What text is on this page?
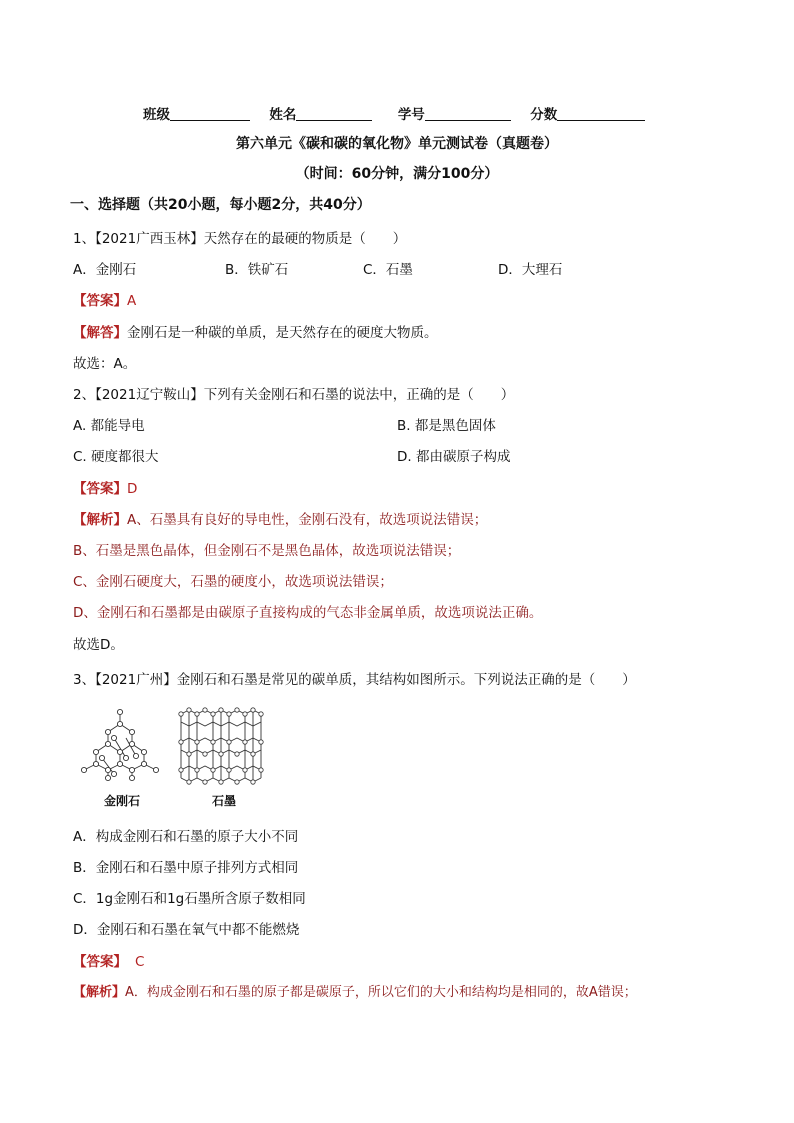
班级	姓名	学号	分数
第六单元《碳和碳的氧化物》单元测试卷（真题卷）
（时间：60分钟，满分100分）
一、选择题（共20小题，每小题2分，共40分）
1、【2021广西玉林】天然存在的最硬的物质是（　　）
A．金刚石	B．铁矿石	C．石墨	D．大理石
【答案】A
【解答】金刚石是一种碳的单质，是天然存在的硬度大物质。
故选：A。
2、【2021辽宁鞍山】下列有关金刚石和石墨的说法中，正确的是（　　）
A. 都能导电	B. 都是黑色固体
C. 硬度都很大	D. 都由碳原子构成
【答案】D
【解析】A、石墨具有良好的导电性，金刚石没有，故选项说法错误；
B、石墨是黑色晶体，但金刚石不是黑色晶体，故选项说法错误；
C、金刚石硬度大，石墨的硬度小，故选项说法错误；
D、金刚石和石墨都是由碳原子直接构成的气态非金属单质，故选项说法正确。
故选D。
3、【2021广州】金刚石和石墨是常见的碳单质，其结构如图所示。下列说法正确的是（　　）
金刚石	石墨
A．构成金刚石和石墨的原子大小不同
B．金刚石和石墨中原子排列方式相同
C．1g金刚石和1g石墨所含原子数相同
D．金刚石和石墨在氧气中都不能燃烧
【答案】 C
【解析】A．构成金刚石和石墨的原子都是碳原子，所以它们的大小和结构均是相同的，故A错误；
